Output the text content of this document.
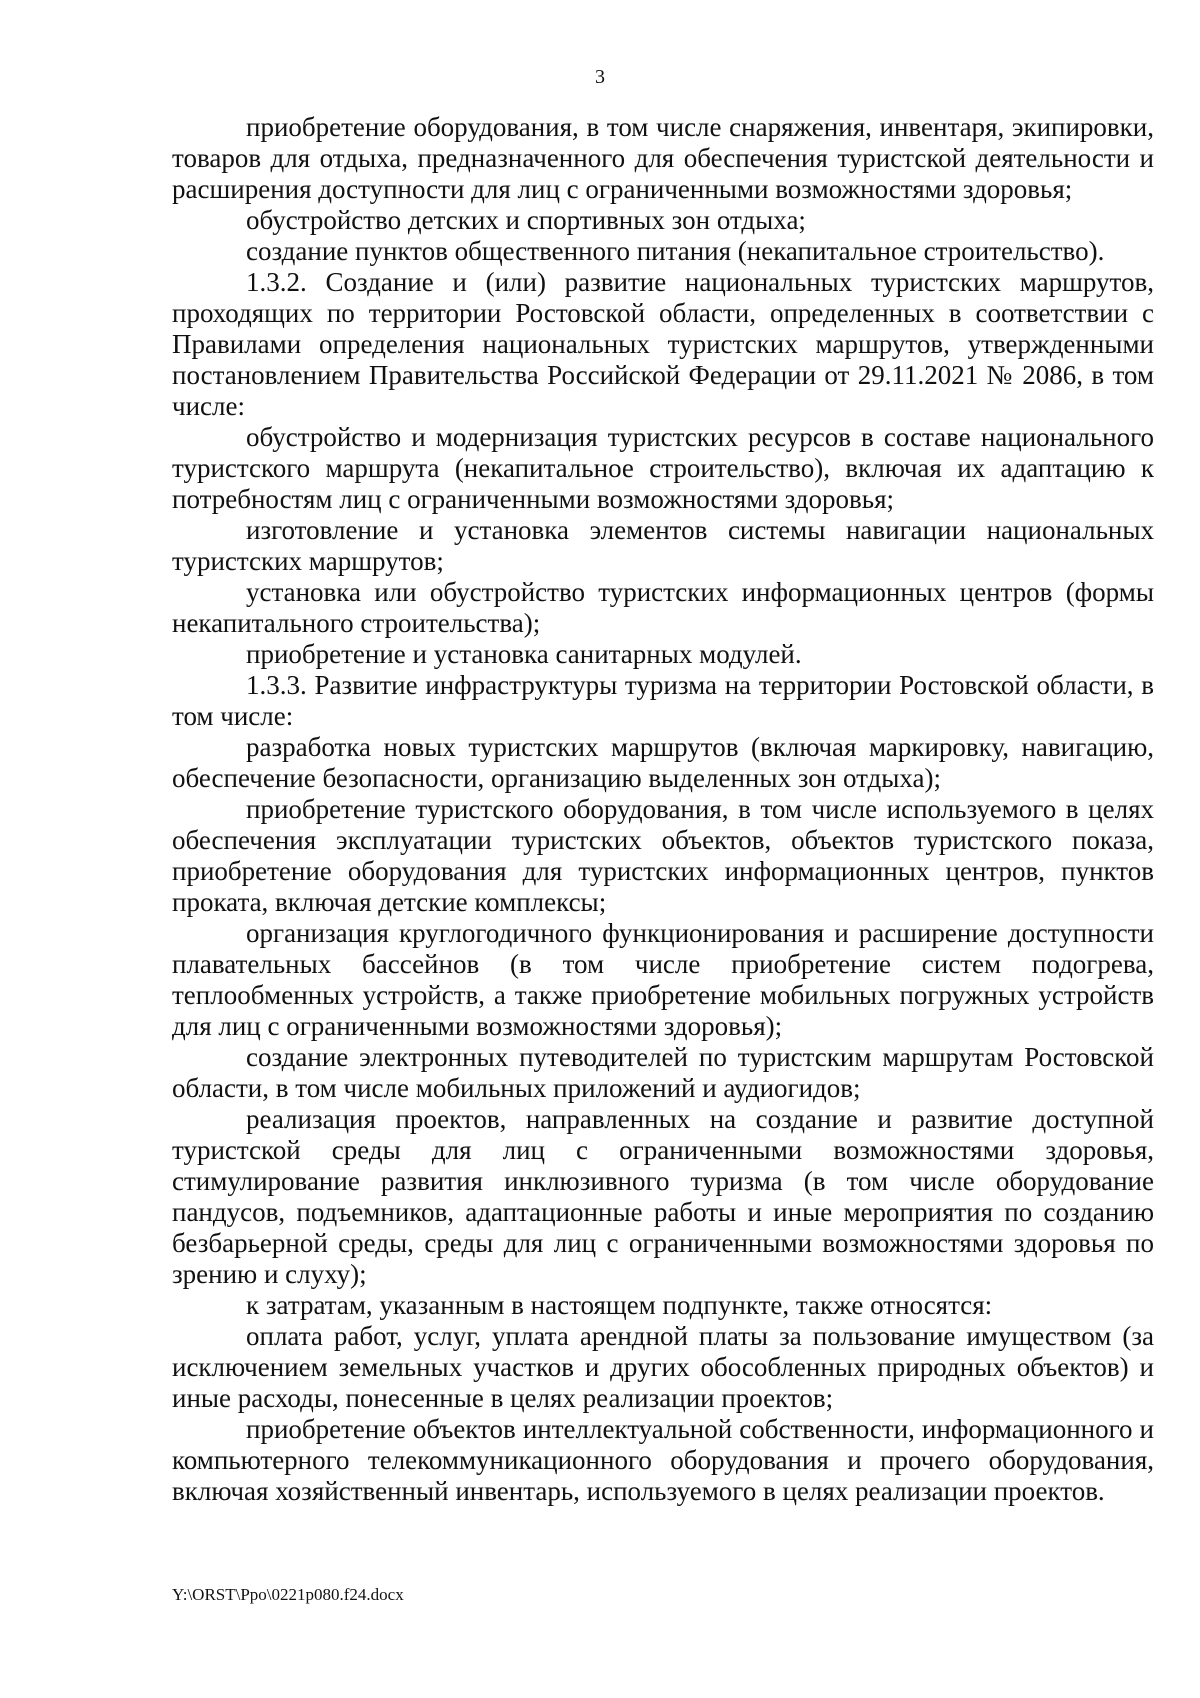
3

приобретение оборудования, в том числе снаряжения, инвентаря, экипировки, товаров для отдыха, предназначенного для обеспечения туристской деятельности и расширения доступности для лиц с ограниченными возможностями здоровья;

обустройство детских и спортивных зон отдыха;

создание пунктов общественного питания (некапитальное строительство).

1.3.2. Создание и (или) развитие национальных туристских маршрутов, проходящих по территории Ростовской области, определенных в соответствии с Правилами определения национальных туристских маршрутов, утвержденными постановлением Правительства Российской Федерации от 29.11.2021 № 2086, в том числе:

обустройство и модернизация туристских ресурсов в составе национального туристского маршрута (некапитальное строительство), включая их адаптацию к потребностям лиц с ограниченными возможностями здоровья;

изготовление и установка элементов системы навигации национальных туристских маршрутов;

установка или обустройство туристских информационных центров (формы некапитального строительства);

приобретение и установка санитарных модулей.

1.3.3. Развитие инфраструктуры туризма на территории Ростовской области, в том числе:

разработка новых туристских маршрутов (включая маркировку, навигацию, обеспечение безопасности, организацию выделенных зон отдыха);

приобретение туристского оборудования, в том числе используемого в целях обеспечения эксплуатации туристских объектов, объектов туристского показа, приобретение оборудования для туристских информационных центров, пунктов проката, включая детские комплексы;

организация круглогодичного функционирования и расширение доступности плавательных бассейнов (в том числе приобретение систем подогрева, теплообменных устройств, а также приобретение мобильных погружных устройств для лиц с ограниченными возможностями здоровья);

создание электронных путеводителей по туристским маршрутам Ростовской области, в том числе мобильных приложений и аудиогидов;

реализация проектов, направленных на создание и развитие доступной туристской среды для лиц с ограниченными возможностями здоровья, стимулирование развития инклюзивного туризма (в том числе оборудование пандусов, подъемников, адаптационные работы и иные мероприятия по созданию безбарьерной среды, среды для лиц с ограниченными возможностями здоровья по зрению и слуху);

к затратам, указанным в настоящем подпункте, также относятся:

оплата работ, услуг, уплата арендной платы за пользование имуществом (за исключением земельных участков и других обособленных природных объектов) и иные расходы, понесенные в целях реализации проектов;

приобретение объектов интеллектуальной собственности, информационного и компьютерного телекоммуникационного оборудования и прочего оборудования, включая хозяйственный инвентарь, используемого в целях реализации проектов.

Y:\ORST\Ppo\0221p080.f24.docx
